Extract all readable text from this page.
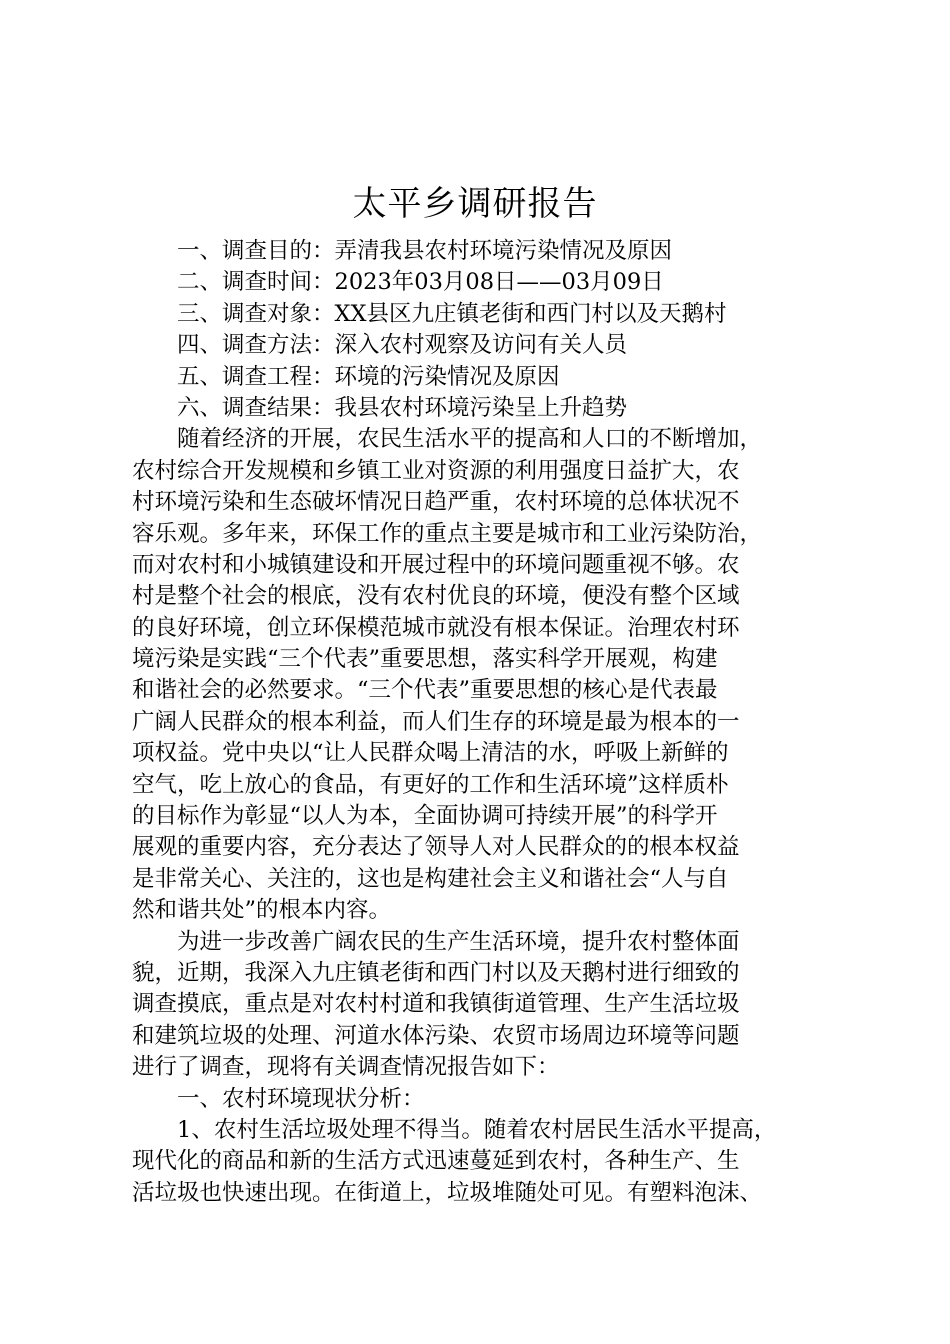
太平乡调研报告
一、调查目的：弄清我县农村环境污染情况及原因
二、调查时间：2023年03月08日——03月09日
三、调查对象：XX县区九庄镇老街和西门村以及天鹅村
四、调查方法：深入农村观察及访问有关人员
五、调查工程：环境的污染情况及原因
六、调查结果：我县农村环境污染呈上升趋势
随着经济的开展，农民生活水平的提高和人口的不断增加，
农村综合开发规模和乡镇工业对资源的利用强度日益扩大，农
村环境污染和生态破坏情况日趋严重，农村环境的总体状况不
容乐观。多年来，环保工作的重点主要是城市和工业污染防治，
而对农村和小城镇建设和开展过程中的环境问题重视不够。农
村是整个社会的根底，没有农村优良的环境，便没有整个区域
的良好环境，创立环保模范城市就没有根本保证。治理农村环
境污染是实践“三个代表”重要思想，落实科学开展观，构建
和谐社会的必然要求。“三个代表”重要思想的核心是代表最
广阔人民群众的根本利益，而人们生存的环境是最为根本的一
项权益。党中央以“让人民群众喝上清洁的水，呼吸上新鲜的
空气，吃上放心的食品，有更好的工作和生活环境”这样质朴
的目标作为彰显“以人为本，全面协调可持续开展”的科学开
展观的重要内容，充分表达了领导人对人民群众的的根本权益
是非常关心、关注的，这也是构建社会主义和谐社会“人与自
然和谐共处”的根本内容。
为进一步改善广阔农民的生产生活环境，提升农村整体面
貌，近期，我深入九庄镇老街和西门村以及天鹅村进行细致的
调查摸底，重点是对农村村道和我镇街道管理、生产生活垃圾
和建筑垃圾的处理、河道水体污染、农贸市场周边环境等问题
进行了调查，现将有关调查情况报告如下：
一、农村环境现状分析：
1、农村生活垃圾处理不得当。随着农村居民生活水平提高，
现代化的商品和新的生活方式迅速蔓延到农村，各种生产、生
活垃圾也快速出现。在街道上，垃圾堆随处可见。有塑料泡沫、
